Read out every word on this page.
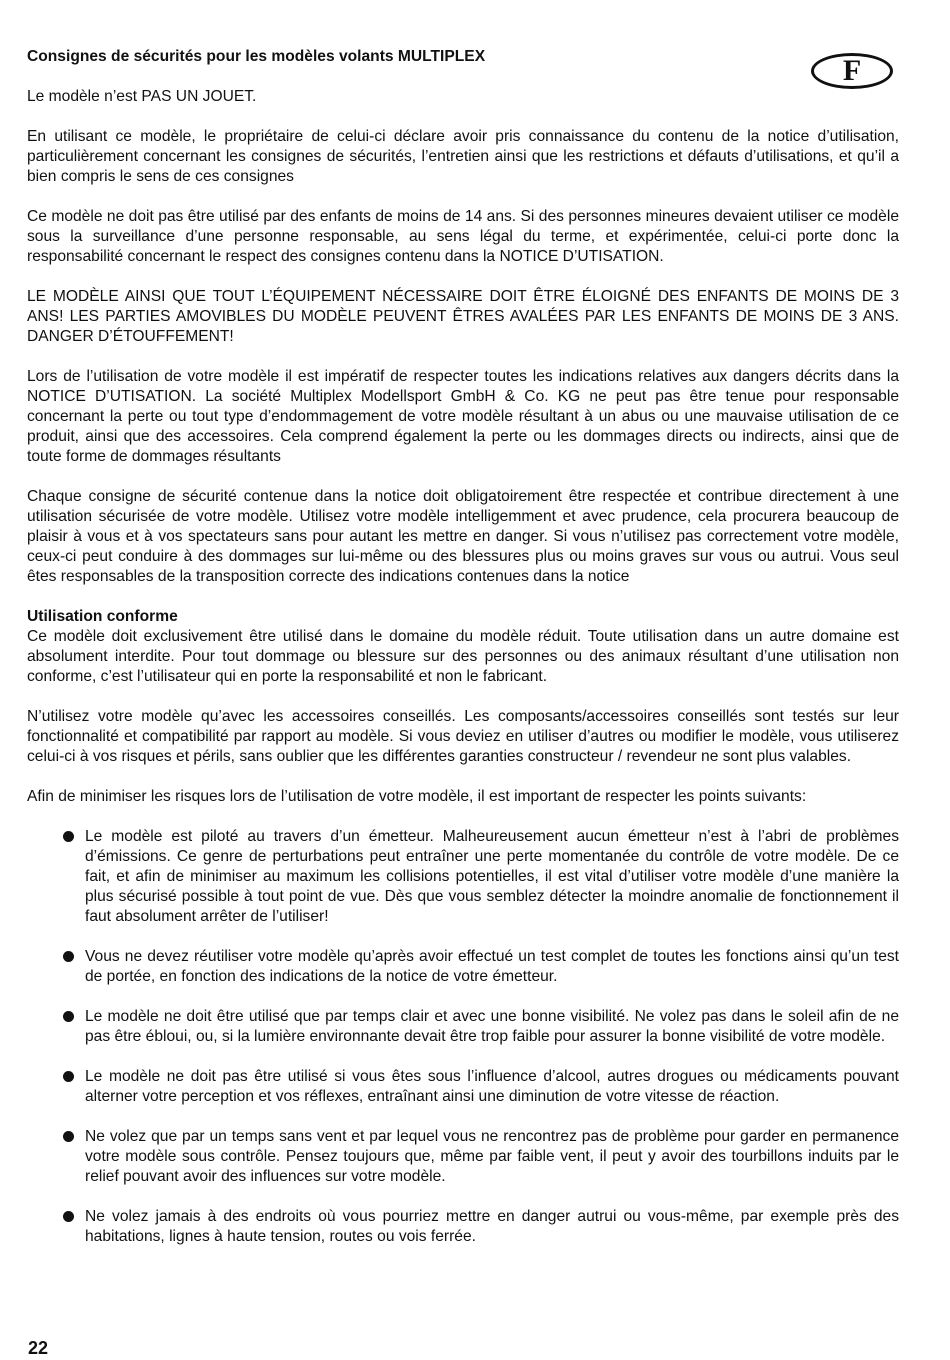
F
Consignes de sécurités pour les modèles volants MULTIPLEX

Le modèle n’est PAS UN JOUET.

En utilisant ce modèle, le propriétaire de celui-ci déclare avoir pris connaissance du contenu de la notice d’utilisation, particulièrement concernant les consignes de sécurités, l’entretien ainsi que les restrictions et défauts d’utilisations, et qu’il a bien compris le sens de ces consignes

Ce modèle ne doit pas être utilisé par des enfants de moins de 14 ans. Si des personnes mineures devaient utiliser ce modèle sous la surveillance d’une personne responsable, au sens légal du terme, et expérimentée, celui-ci porte donc la responsabilité concernant le respect des consignes contenu dans la NOTICE D’UTISATION.

LE MODÈLE AINSI QUE TOUT L’ÉQUIPEMENT NÉCESSAIRE DOIT ÊTRE ÉLOIGNÉ DES ENFANTS DE MOINS DE 3 ANS! LES PARTIES AMOVIBLES DU MODÈLE PEUVENT ÊTRES AVALÉES PAR LES ENFANTS DE MOINS DE 3 ANS. DANGER D’ÉTOUFFEMENT!

Lors de l’utilisation de votre modèle il est impératif de respecter toutes les indications relatives aux dangers décrits dans la NOTICE D’UTISATION. La société Multiplex Modellsport GmbH & Co. KG ne peut pas être tenue pour responsable concernant la perte ou tout type d’endommagement de votre modèle résultant à un abus ou une mauvaise utilisation de ce produit, ainsi que des accessoires. Cela comprend également la perte ou les dommages directs ou indirects, ainsi que de toute forme de dommages résultants

Chaque consigne de sécurité contenue dans la notice doit obligatoirement être respectée et contribue directement à une utilisation sécurisée de votre modèle. Utilisez votre modèle intelligemment et avec prudence, cela procurera beaucoup de plaisir à vous et à vos spectateurs sans pour autant les mettre en danger. Si vous n’utilisez pas correctement votre modèle, ceux-ci peut conduire à des dommages sur lui-même ou des blessures plus ou moins graves sur vous ou autrui. Vous seul êtes responsables de la transposition correcte des indications contenues dans la notice

Utilisation conforme
Ce modèle doit exclusivement être utilisé dans le domaine du modèle réduit. Toute utilisation dans un autre domaine est absolument interdite. Pour tout dommage ou blessure sur des personnes ou des animaux résultant d’une utilisation non conforme, c’est l’utilisateur qui en porte la responsabilité et non le fabricant.

N’utilisez votre modèle qu’avec les accessoires conseillés. Les composants/accessoires conseillés sont testés sur leur fonctionnalité et compatibilité par rapport au modèle. Si vous deviez en utiliser d’autres ou modifier le modèle, vous utiliserez celui-ci à vos risques et périls, sans oublier que les différentes garanties constructeur / revendeur ne sont plus valables.

Afin de minimiser les risques lors de l’utilisation de votre modèle, il est important de respecter les points suivants:

Le modèle est piloté au travers d’un émetteur. Malheureusement aucun émetteur n’est à l’abri de problèmes d’émissions. Ce genre de perturbations peut entraîner une perte momentanée du contrôle de votre modèle. De ce fait, et afin de minimiser au maximum les collisions potentielles, il est vital d’utiliser votre modèle d’une manière la plus sécurisé possible à tout point de vue. Dès que vous semblez détecter la moindre anomalie de fonctionnement il faut absolument arrêter de l’utiliser!
Vous ne devez réutiliser votre modèle qu’après avoir effectué un test complet de toutes les fonctions ainsi qu’un test de portée, en fonction des indications de la notice de votre émetteur.
Le modèle ne doit être utilisé que par temps clair et avec une bonne visibilité. Ne volez pas dans le soleil afin de ne pas être ébloui, ou, si la lumière environnante devait être trop faible pour assurer la bonne visibilité de votre modèle.
Le modèle ne doit pas être utilisé si vous êtes sous l’influence d’alcool, autres drogues ou médicaments pouvant alterner votre perception et vos réflexes, entraînant ainsi une diminution de votre vitesse de réaction.
Ne volez que par un temps sans vent et par lequel vous ne rencontrez pas de problème pour garder en permanence votre modèle sous contrôle. Pensez toujours que, même par faible vent, il peut y avoir des tourbillons induits par le relief pouvant avoir des influences sur votre modèle.
Ne volez jamais à des endroits où vous pourriez mettre en danger autrui ou vous-même, par exemple près des habitations, lignes à haute tension, routes ou vois ferrée.
22
